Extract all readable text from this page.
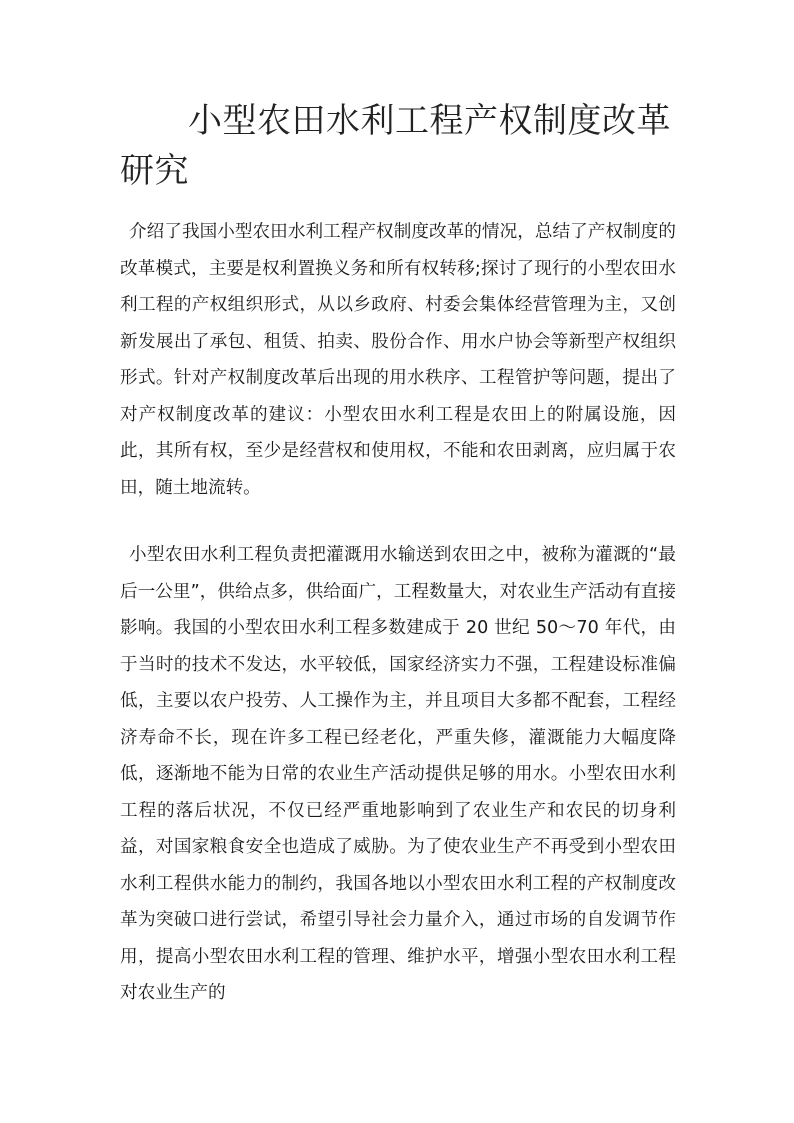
小型农田水利工程产权制度改革研究

介绍了我国小型农田水利工程产权制度改革的情况，总结了产权制度的改革模式，主要是权利置换义务和所有权转移;探讨了现行的小型农田水利工程的产权组织形式，从以乡政府、村委会集体经营管理为主，又创新发展出了承包、租赁、拍卖、股份合作、用水户协会等新型产权组织形式。针对产权制度改革后出现的用水秩序、工程管护等问题，提出了对产权制度改革的建议：小型农田水利工程是农田上的附属设施，因此，其所有权，至少是经营权和使用权，不能和农田剥离，应归属于农田，随土地流转。

小型农田水利工程负责把灌溉用水输送到农田之中，被称为灌溉的“最后一公里”，供给点多，供给面广，工程数量大，对农业生产活动有直接影响。我国的小型农田水利工程多数建成于 20 世纪 50～70 年代，由于当时的技术不发达，水平较低，国家经济实力不强，工程建设标准偏低，主要以农户投劳、人工操作为主，并且项目大多都不配套，工程经济寿命不长，现在许多工程已经老化，严重失修，灌溉能力大幅度降低，逐渐地不能为日常的农业生产活动提供足够的用水。小型农田水利工程的落后状况，不仅已经严重地影响到了农业生产和农民的切身利益，对国家粮食安全也造成了威胁。为了使农业生产不再受到小型农田水利工程供水能力的制约，我国各地以小型农田水利工程的产权制度改革为突破口进行尝试，希望引导社会力量介入，通过市场的自发调节作用，提高小型农田水利工程的管理、维护水平，增强小型农田水利工程对农业生产的
